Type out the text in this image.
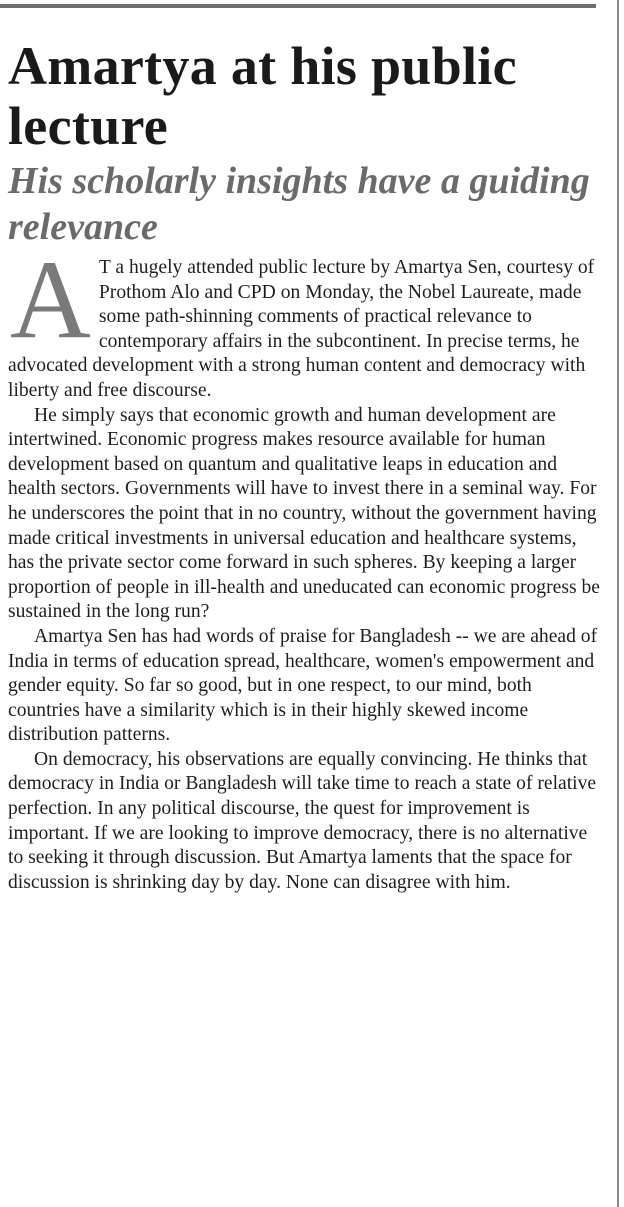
Amartya at his public lecture
His scholarly insights have a guiding relevance

A T a hugely attended public lecture by Amartya Sen, courtesy of Prothom Alo and CPD on Monday, the Nobel Laureate, made some path-shinning comments of practical relevance to contemporary affairs in the subcontinent. In precise terms, he advocated development with a strong human content and democracy with liberty and free discourse.

He simply says that economic growth and human development are intertwined. Economic progress makes resource available for human development based on quantum and qualitative leaps in education and health sectors. Governments will have to invest there in a seminal way. For he underscores the point that in no country, without the government having made critical investments in universal education and healthcare systems, has the private sector come forward in such spheres. By keeping a larger proportion of people in ill-health and uneducated can economic progress be sustained in the long run?

Amartya Sen has had words of praise for Bangladesh -- we are ahead of India in terms of education spread, healthcare, women's empowerment and gender equity. So far so good, but in one respect, to our mind, both countries have a similarity which is in their highly skewed income distribution patterns.

On democracy, his observations are equally convincing. He thinks that democracy in India or Bangladesh will take time to reach a state of relative perfection. In any political discourse, the quest for improvement is important. If we are looking to improve democracy, there is no alternative to seeking it through discussion. But Amartya laments that the space for discussion is shrinking day by day. None can disagree with him.
